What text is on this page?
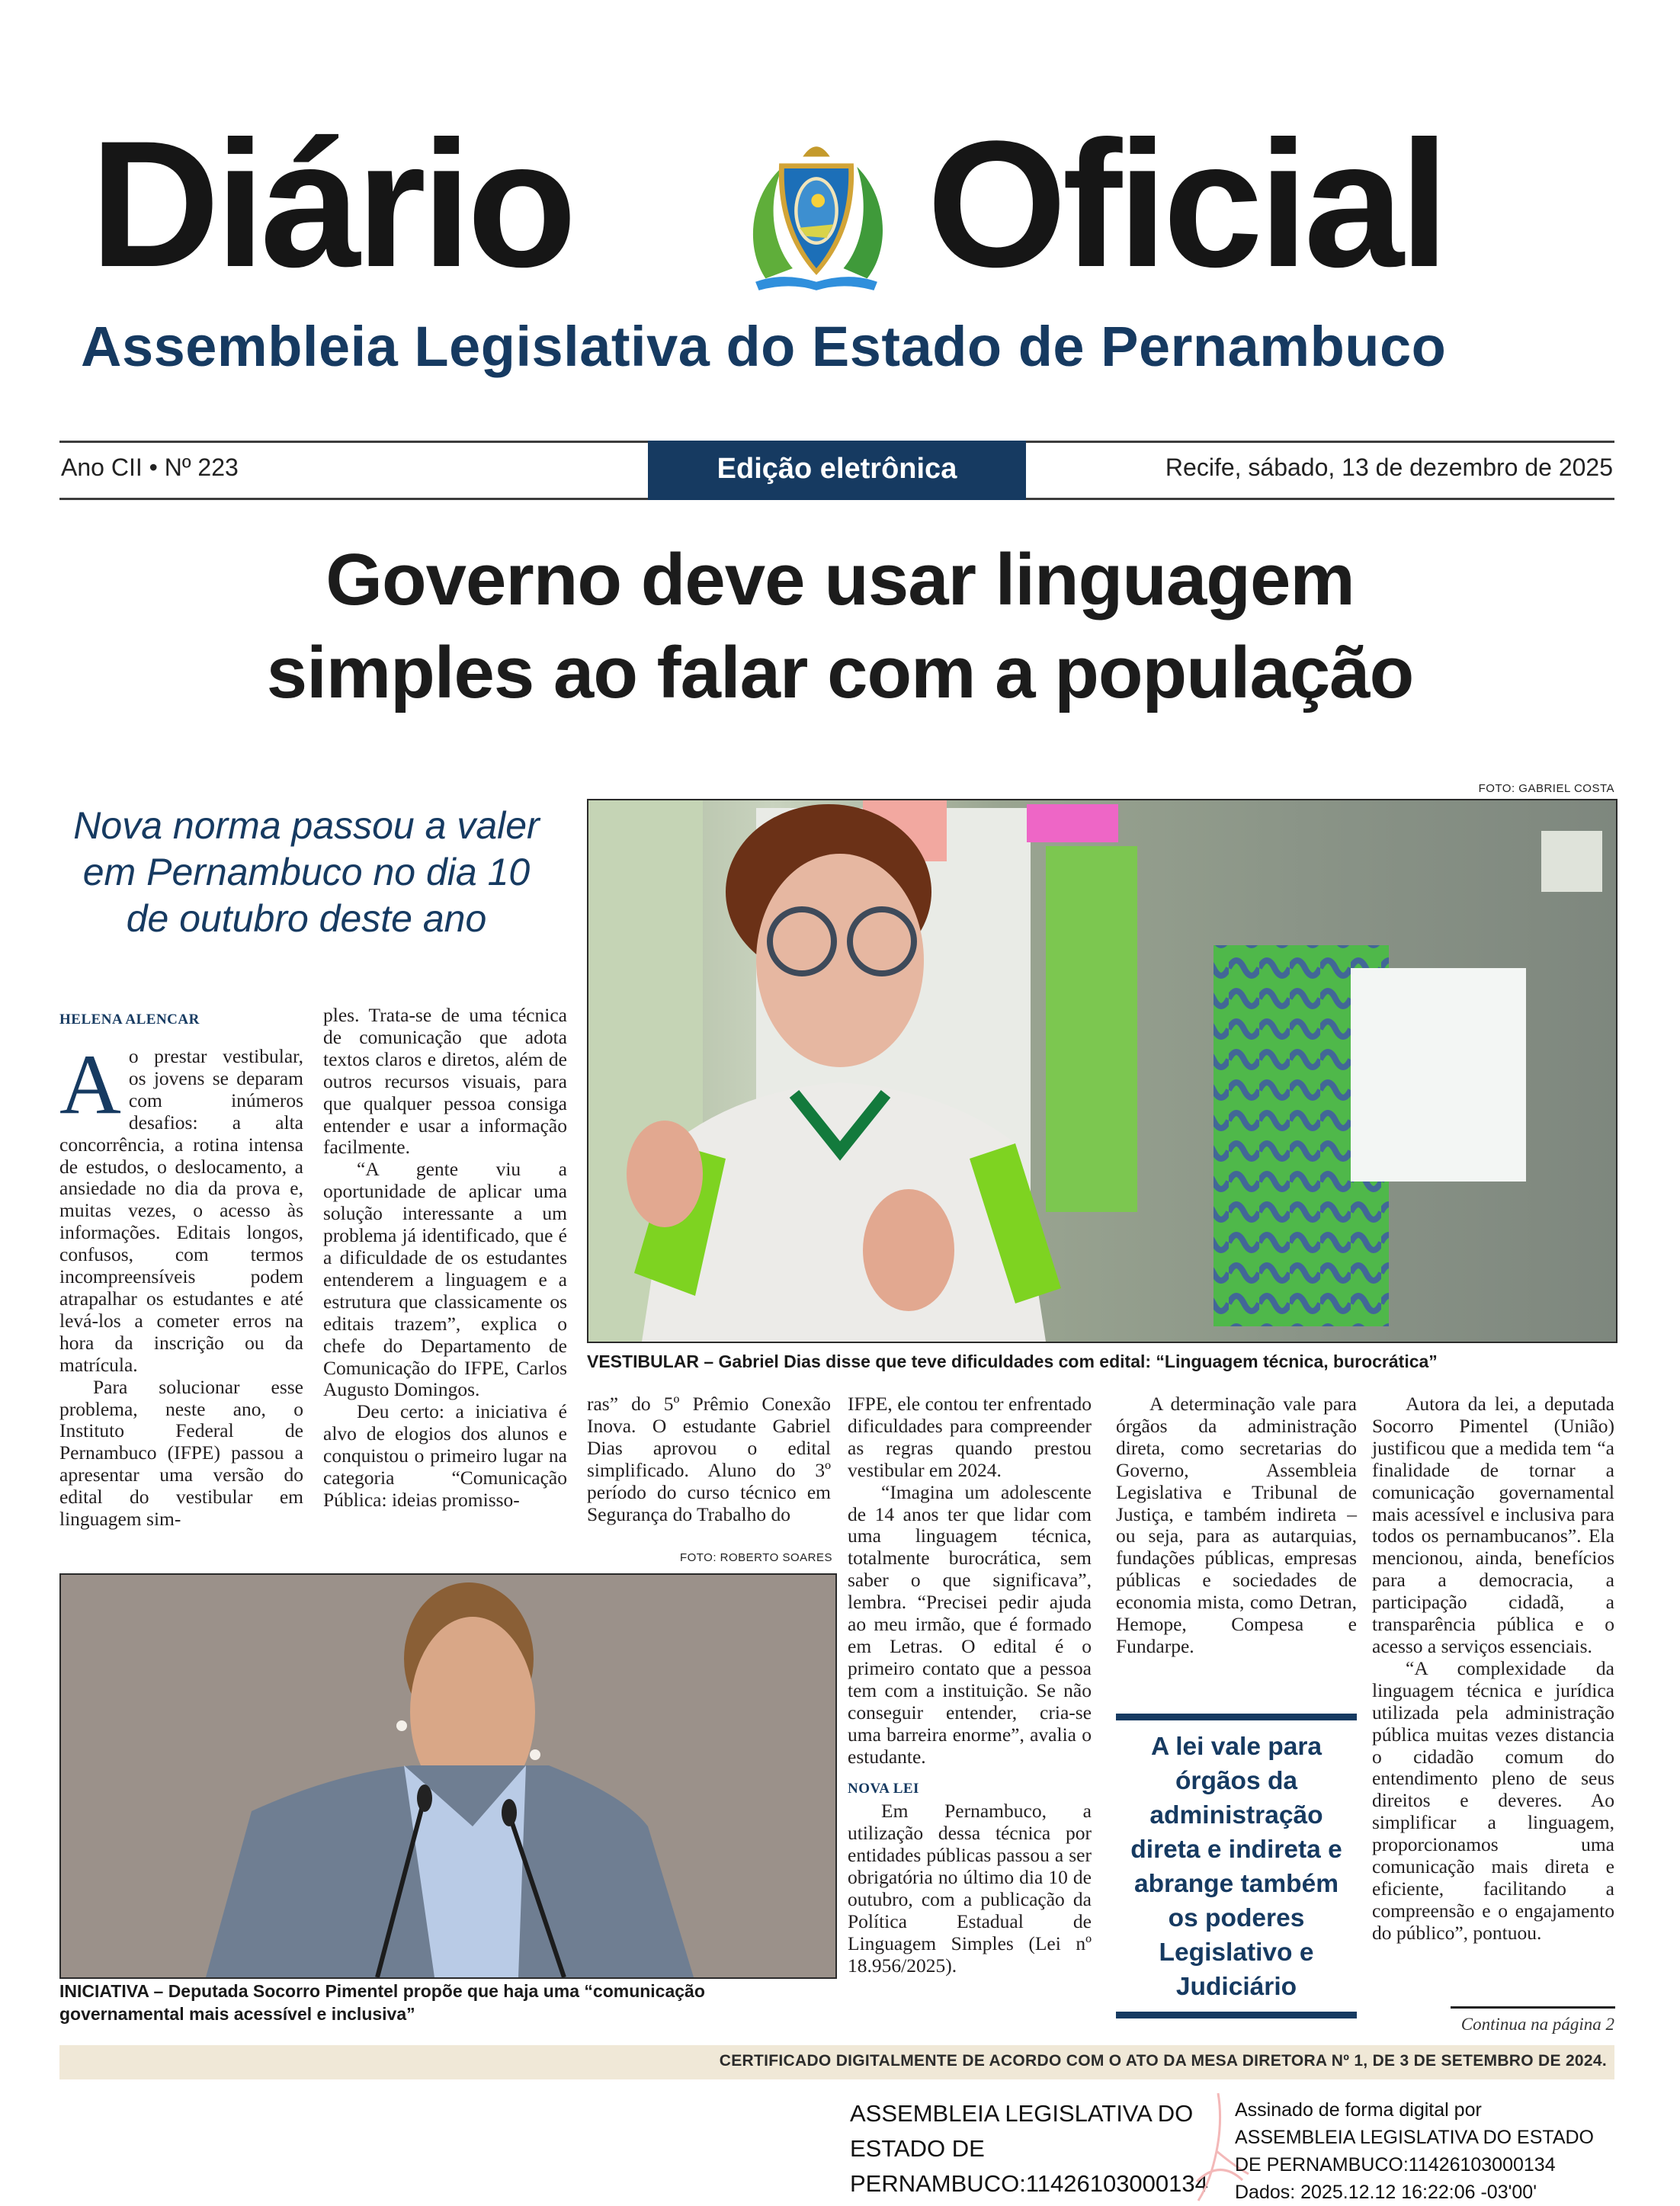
Diário Oficial
Assembleia Legislativa do Estado de Pernambuco
Ano CII • Nº 223	Edição eletrônica	Recife, sábado, 13 de dezembro de 2025
Governo deve usar linguagem
simples ao falar com a população
Nova norma passou a valer em Pernambuco no dia 10 de outubro deste ano
HELENA ALENCAR

Ao prestar vestibular, os jovens se deparam com inúmeros desafios: a alta concorrência, a rotina intensa de estudos, o deslocamento, a ansiedade no dia da prova e, muitas vezes, o acesso às informações. Editais longos, confusos, com termos incompreensíveis podem atrapalhar os estudantes e até levá-los a cometer erros na hora da inscrição ou da matrícula.

Para solucionar esse problema, neste ano, o Instituto Federal de Pernambuco (IFPE) passou a apresentar uma versão do edital do vestibular em linguagem sim-

ples. Trata-se de uma técnica de comunicação que adota textos claros e diretos, além de outros recursos visuais, para que qualquer pessoa consiga entender e usar a informação facilmente.

“A gente viu a oportunidade de aplicar uma solução interessante a um problema já identificado, que é a dificuldade de os estudantes entenderem a linguagem e a estrutura que classicamente os editais trazem”, explica o chefe do Departamento de Comunicação do IFPE, Carlos Augusto Domingos.

Deu certo: a iniciativa é alvo de elogios dos alunos e conquistou o primeiro lugar na categoria “Comunicação Pública: ideias promisso-

FOTO: GABRIEL COSTA
VESTIBULAR – Gabriel Dias disse que teve dificuldades com edital: “Linguagem técnica, burocrática”

ras” do 5º Prêmio Conexão Inova. O estudante Gabriel Dias aprovou o edital simplificado. Aluno do 3º período do curso técnico em Segurança do Trabalho do

FOTO: ROBERTO SOARES
INICIATIVA – Deputada Socorro Pimentel propõe que haja uma “comunicação governamental mais acessível e inclusiva”

IFPE, ele contou ter enfrentado dificuldades para compreender as regras quando prestou vestibular em 2024.

“Imagina um adolescente de 14 anos ter que lidar com uma linguagem técnica, totalmente burocrática, sem saber o que significava”, lembra. “Precisei pedir ajuda ao meu irmão, que é formado em Letras. O edital é o primeiro contato que a pessoa tem com a instituição. Se não conseguir entender, cria-se uma barreira enorme”, avalia o estudante.

NOVA LEI

Em Pernambuco, a utilização dessa técnica por entidades públicas passou a ser obrigatória no último dia 10 de outubro, com a publicação da Política Estadual de Linguagem Simples (Lei nº 18.956/2025).

A determinação vale para órgãos da administração direta, como secretarias do Governo, Assembleia Legislativa e Tribunal de Justiça, e também indireta – ou seja, para as autarquias, fundações públicas, empresas públicas e sociedades de economia mista, como Detran, Hemope, Compesa e Fundarpe.

A lei vale para órgãos da administração direta e indireta e abrange também os poderes Legislativo e Judiciário

Autora da lei, a deputada Socorro Pimentel (União) justificou que a medida tem “a finalidade de tornar a comunicação governamental mais acessível e inclusiva para todos os pernambucanos”. Ela mencionou, ainda, benefícios para a democracia, a participação cidadã, a transparência pública e o acesso a serviços essenciais.

“A complexidade da linguagem técnica e jurídica utilizada pela administração pública muitas vezes distancia o cidadão comum do entendimento pleno de seus direitos e deveres. Ao simplificar a linguagem, proporcionamos uma comunicação mais direta e eficiente, facilitando a compreensão e o engajamento do público”, pontuou.

Continua na página 2
CERTIFICADO DIGITALMENTE DE ACORDO COM O ATO DA MESA DIRETORA Nº 1, DE 3 DE SETEMBRO DE 2024.
ASSEMBLEIA LEGISLATIVA DO
ESTADO DE
PERNAMBUCO:11426103000134
Assinado de forma digital por
ASSEMBLEIA LEGISLATIVA DO ESTADO
DE PERNAMBUCO:11426103000134
Dados: 2025.12.12 16:22:06 -03'00'
